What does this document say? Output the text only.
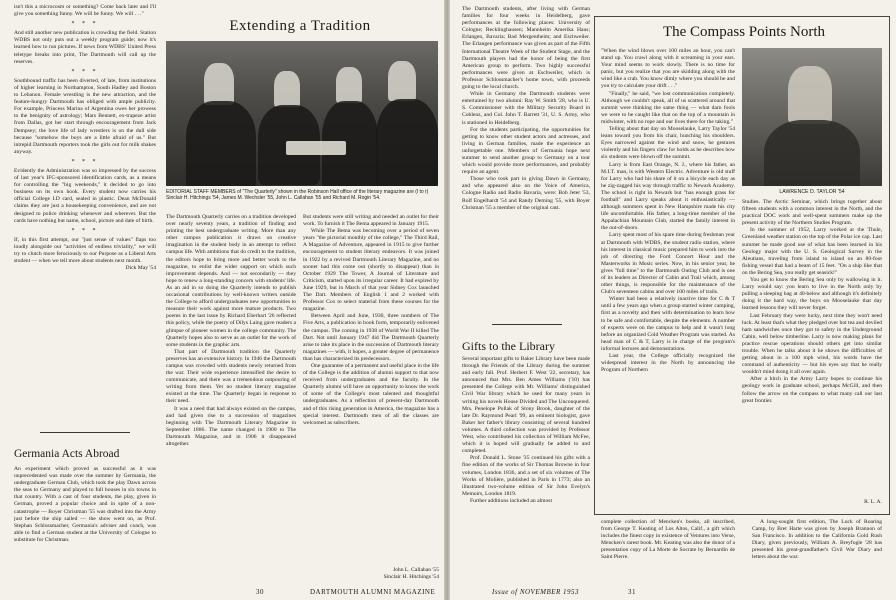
isn't this a microcosm or something? Come back later and I'll give you something funny. We will be funny. We will . . ."

* * *

And still another new publication is crowding the field. Station WDBS not only puts out a weekly program guide; now it's learned how to run pictures. If news from WDBS' United Press teletype breaks into print, The Dartmouth will call up the reserves.

* * *

Southbound traffic has been diverted, of late, from institutions of higher learning in Northampton, South Hadley and Boston to Lebanon. Female wrestling is the new attraction, and the feature-hungry Dartmouth has obliged with ample publicity. For example, Princess Marina of Argentina owes her prowess to the benignity of astrology; Mars Bennett, ex-trapeze artist from Dallas, got her start through encouragement from Jack Dempsey; the love life of lady wrestlers is on the dull side because "somehow the boys are a little afraid of us." But intrepid Dartmouth reporters took the girls out for milk shakes anyway.

* * *

Evidently the Administration was so impressed by the success of last year's IFC-sponsored identification cards, as a means for controlling the "big weekends," it decided to go into business on its own hook. Every student now carries his official College I.D card, sealed in plastic. Dean McDonald claims they are just a housekeeping convenience, and are not designed to police drinking whenever and wherever. But the cards have nothing but name, school, picture and date of birth.

* * *

If, in this first attempt, our "just sense of values" flaps too loudly alongside our "activities of endless triviality," we will try to clutch more ferociously to our Purpose as a Liberal Arts student — when we tell more about students next month.

Dick May '54

Germania Acts Abroad

An experiment which proved as successful as it was unprecedented was made over the summer by Germania, the undergraduate German Club, which took the play Dawn across the seas to Germany and played to full houses in six towns in that country. With a cast of four students, the play, given in German, proved a popular choice and in spite of a non-catastrophe — Boyer Christman '55 was drafted into the Army just before the ship sailed — the show went on, as Prof. Stephan Schlossmacher, Germania's adviser and coach, was able to find a German student at the University of Cologne to substitute for Christman.

Extending a Tradition
EDITORIAL STAFF MEMBERS of "The Quarterly" shown in the Robinson Hall office of the literary magazine are (l to r) Sinclair H. Hitchings '54, James M. Wechsler '55, John L. Callahan '55 and Richard M. Rogin '54.

The Dartmouth Quarterly carries on a tradition developed over nearly seventy years, a tradition of finding and printing the best undergraduate writing. More than any other campus publication it draws on creative imagination in the student body in an attempt to reflect campus life. With ambitions that do credit to the tradition, the editors hope to bring more and better work to the magazine, to enlist the wider support on which such improvement depends. And — not secondarily — they hope to renew a long-standing concern with students' life. As an aid in so doing the Quarterly intends to publish occasional contributions by well-known writers outside the College to afford undergraduates new opportunities to measure their work against more mature products. Two poems in the last issue by Richard Eberhart '26 reflected this policy, while the poetry of Dilys Laing gave readers a glimpse of pioneer women in the college community. The Quarterly hopes also to serve as an outlet for the work of some students in the graphic arts.

That part of Dartmouth tradition the Quarterly preserves has an extensive history. In 1946 the Dartmouth campus was crowded with students newly returned from the war. Their wide experience intensified the desire to communicate, and there was a tremendous outpouring of writing from them. Yet no student literary magazine existed at the time. The Quarterly began in response to their need.

It was a need that had always existed on the campus, and had given rise to a succession of magazines beginning with The Dartmouth Literary Magazine in September 1886. The name changed in 1900 to The Dartmouth Magazine, and in 1906 it disappeared altogether.

But students were still writing and needed an outlet for their work. To furnish it The Bema appeared in January 1915.

While The Bema was becoming over a period of seven years "the pictorial monthly of the college," The Third Rail, A Magazine of Adventure, appeared in 1915 to give further encouragement to student literary endeavors. It was joined in 1922 by a revived Dartmouth Literary Magazine, and no sooner had this come out (shortly to disappear) than in October 1929 The Tower, A Journal of Literature and Criticism, started upon its irregular career. It had expired by June 1929, but in March of that year Sidney Cox launched The Dart. Members of English 1 and 2 worked with Professor Cox to select material from these courses for the magazine.

Between April and June, 1930, three numbers of The Five Arts, a publication in book form, temporarily enlivened the campus. The coming in 1938 of World War II killed The Dart. Not until January 1947 did The Dartmouth Quarterly arise to take its place in the succession of Dartmouth literary magazines — with, it hopes, a greater degree of permanence than has characterized its predecessors.

One guarantee of a permanent and useful place in the life of the College is the addition of alumni support to that now received from undergraduates and the faculty. In the Quarterly alumni will have an opportunity to know the work of some of the College's most talented and thoughtful undergraduates. As a reflection of present-day Dartmouth and of this rising generation in America, the magazine has a special interest. Dartmouth men of all the classes are welcomed as subscribers.

John L. Callahan '55

Sinclair H. Hitchings '54

30	DARTMOUTH ALUMNI MAGAZINE

The Dartmouth students, after living with German families for four weeks in Heidelberg, gave performances at the following places: University of Cologne; Recklinghausen; Mannheim Amerika Haus; Erlangen, Bavaria; Bad Mergentheim; and Eschweiler. The Erlangen performance was given as part of the Fifth International Theatre Week of the Student Stage, and the Dartmouth players had the honor of being the first American group to perform. Two highly successful performances were given at Eschweiler, which is Professor Schlossmacher's home town, with proceeds going to the local church.

While in Germany the Dartmouth students were entertained by two alumni: Ray W. Smith '28, who is U. S. Commissioner with the Military Security Board in Coblenz, and Col. John T. Barrett '31, U. S. Army, who is stationed in Heidelberg.

For the students participating, the opportunities for getting to know other student actors and actresses, and living in German families, made the experience an unforgettable one. Members of Germania hope next summer to send another group to Germany on a tour which would provide more performances, and probably require an agent.

Those who took part in giving Dawn in Germany, and who appeared also on the Voice of America, Cologne Radio and Radio Bavaria, were: Bob Jeter '53, Rolf Engelhardt '54 and Randy Deming '55, with Boyer Chrisman '55 a member of the original cast.

Gifts to the Library

Several important gifts to Baker Library have been made through the Friends of the Library during the summer and early fall. Prof. Herbert F. West '22, secretary, has announced that Mrs. Ben Ames Williams ('10) has presented the College with Mr. Williams' distinguished Civil War library which he used for many years in writing his novels House Divided and The Unconquered. Mrs. Penelope Pollak of Stony Brook, daughter of the late Dr. Raymond Pearl '99, an eminent biologist, gave Baker her father's library consisting of several hundred volumes. A third collection was provided by Professor West, who contributed his collection of William McFee, which it is hoped will gradually be added to and completed.

Prof. Donald L. Stone '35 continued his gifts with a fine edition of the works of Sir Thomas Browne in four volumes, London 1836, and a set of six volumes of The Works of Molière, published in Paris in 1773; also an illustrated two-volume edition of Sir John Evelyn's Memoirs, London 1819.

Further additions included an almost

The Compass Points North

"When the wind blows over 100 miles an hour, you can't stand up. You crawl along with it screaming in your ears. Your mind seems to work slowly. There is no time for panic, but you realize that you are skidding along with the wind like a crab. You know dimly where you should be and you try to calculate your drift . . ."

"Finally," he said, "we lost communication completely. Although we couldn't speak, all of us scattered around that summit were thinking the same thing — what darn fools we were to be caught like that on the top of a mountain in midwinter, with no rope and our lives there for the taking."

Telling about that day on Mooselauke, Larry Taylor '54 leans toward you from his chair, hunching his shoulders. Eyes narrowed against the wind and snow, he gestures violently and his fingers claw for holds as he describes how six students were blown off the summit.

Larry is from East Orange, N. J., where his father, an M.I.T. man, is with Western Electric. Adventure is old stuff for Larry who had his share of it on a bicycle each day as he zig-zagged his way through traffic to Newark Academy. The school is right in Newark but "has enough grass for football" and Larry speaks about it enthusiastically — although summers spent in New Hampshire made his city life uncomfortable. His father, a long-time member of the Appalachian Mountain Club, started the family interest in the out-of-doors.

Larry spent most of his spare time during freshman year at Dartmouth with WDBS, the student radio station, where his interest in classical music prepared him to work into the job of directing the Ford Concert Hour and the Masterworks in Music series. Now, in his senior year, he gives "full time" to the Dartmouth Outing Club and is one of its leaders as Director of Cabin and Trail which, among other things, is responsible for the maintenance of the Club's seventeen cabins and over 100 miles of trails.

Winter had been a relatively inactive time for C & T until a few years ago when a group started winter camping, first as a novelty and then with determination to learn how to be safe and comfortable, despite the elements. A number of experts were on the campus to help and it wasn't long before an organized Cold Weather Program was started. As head man of C & T, Larry is in charge of the program's informal lectures and demonstrations.

Last year, the College officially recognized the widespread interest in the North by announcing the Program of Northern

LAWRENCE D. TAYLOR '54

Studies. The Arctic Seminar, which brings together about fifteen students with a common interest in the North, and the practical DOC work and well-spent summers make up the present activity of the Northern Studies Program.

In the summer of 1952, Larry worked at the Thule, Greenland weather station on the top of the Polar ice cap. Last summer he made good use of what has been learned in his Geology major with the U. S. Geological Survey in the Aleutians, traveling from island to island on an 80-foot fishing vessel that had a beam of 15 feet. "On a ship like that on the Bering Sea, you really get seasick!"

You get to know the Bering Sea only by wallowing in it. Larry would say: you learn to live in the North only by pulling a sleeping bag at 40-below and although it's definitely doing it the hard way, the boys on Mooselauke that day learned lessons they will never forget.

Last February they were lucky, next time they won't need luck. At least that's what they pledged over hot tea and deviled ham sandwiches once they got to safety in the Underground Cabin, well below timberline. Larry is now making plans for practice rescue operations should others get into similar trouble. When he talks about it he shows the difficulties of getting about in a 100 mph wind, his words have the command of authenticity — but his eyes say that he really wouldn't mind doing it all over again.

After a hitch in the Army Larry hopes to continue his geology work in graduate school, perhaps McGill, and then follow the arrow on the compass to what many call our last great frontier.

R. L. A.

complete collection of Mencken's books, all inscribed, from George T. Keating of Los Altos, Calif., a gift which includes the finest copy in existence of Ventures into Verse, Mencken's rarest book. Mr. Keating was also the donor of a presentation copy of La Morte de Socrate by Bernardin de Saint Pierre.

A long-sought first edition, The Luck of Roaring Camp, by Bret Harte was given by Joseph Brannon of San Francisco. In addition to the California Gold Rush Diary, given previously, William A. Breyfogle '28 has presented his great-grandfather's Civil War Diary and letters about the war.

Issue of NOVEMBER 1953	31
